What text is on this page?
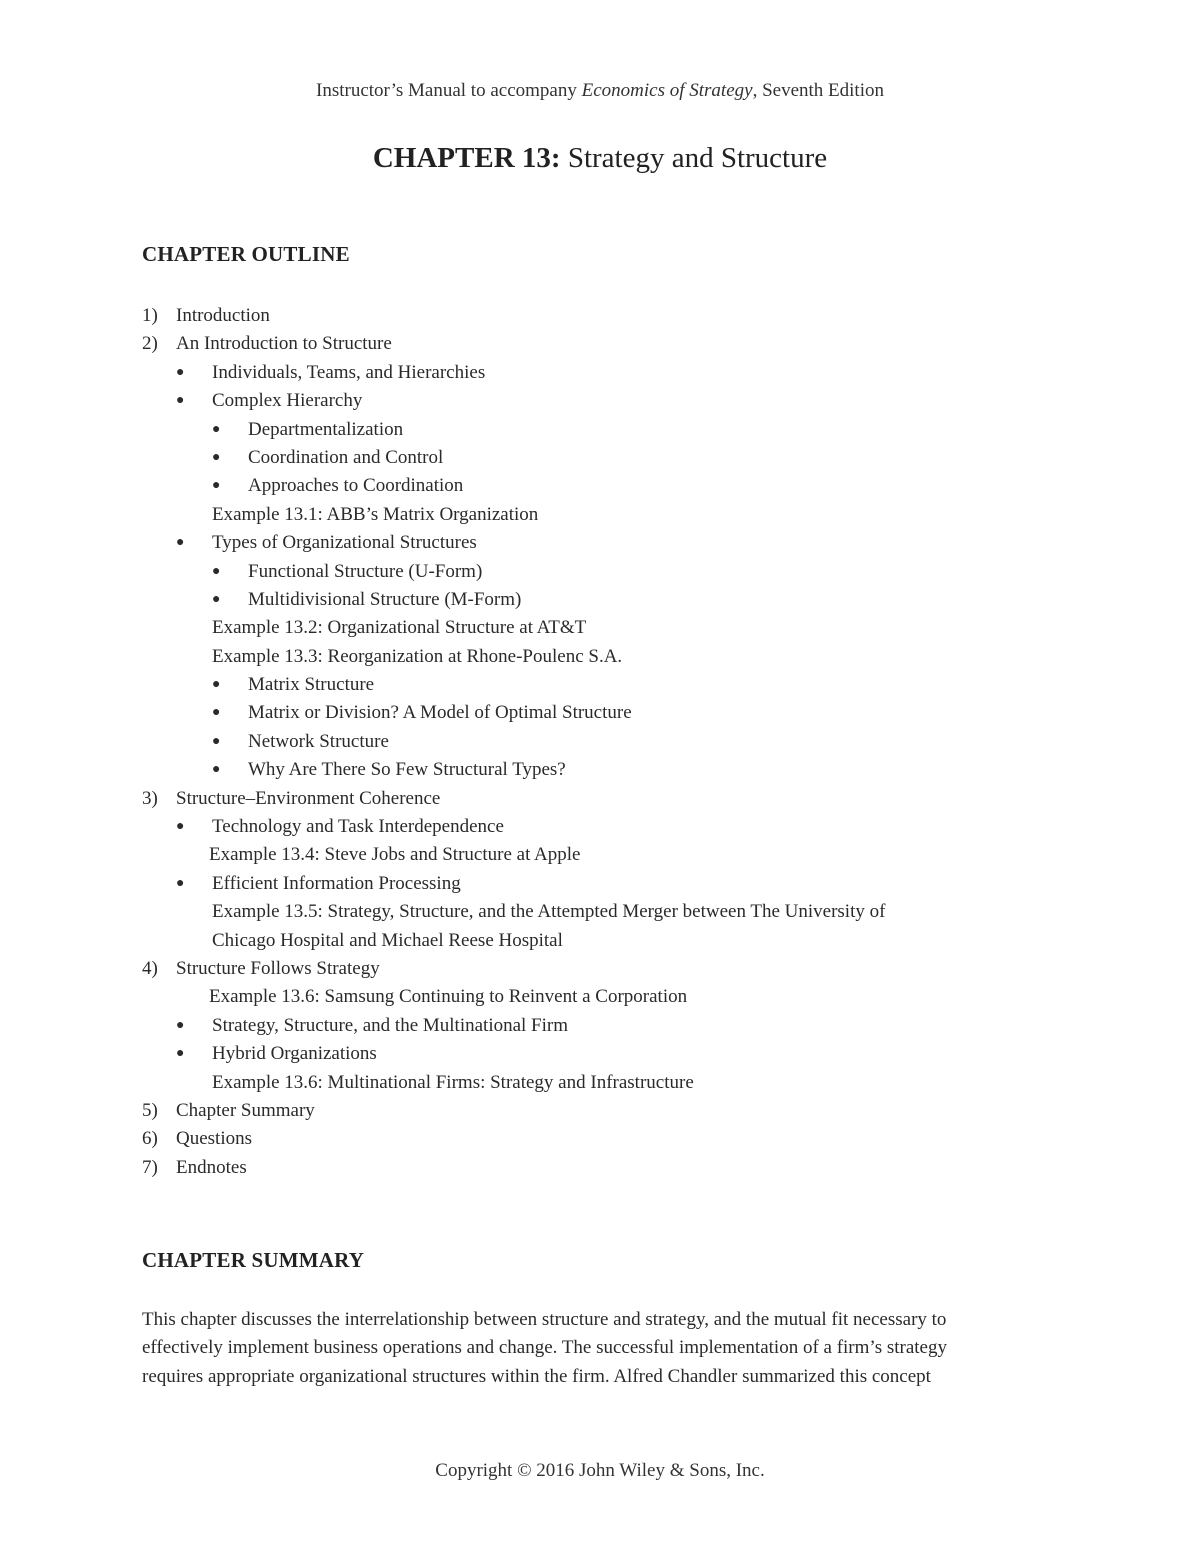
Instructor’s Manual to accompany Economics of Strategy, Seventh Edition
CHAPTER 13: Strategy and Structure
CHAPTER OUTLINE
1) Introduction
2) An Introduction to Structure
● Individuals, Teams, and Hierarchies
● Complex Hierarchy
● Departmentalization
● Coordination and Control
● Approaches to Coordination
Example 13.1: ABB’s Matrix Organization
● Types of Organizational Structures
● Functional Structure (U-Form)
● Multidivisional Structure (M-Form)
Example 13.2: Organizational Structure at AT&T
Example 13.3: Reorganization at Rhone-Poulenc S.A.
● Matrix Structure
● Matrix or Division? A Model of Optimal Structure
● Network Structure
● Why Are There So Few Structural Types?
3) Structure–Environment Coherence
● Technology and Task Interdependence
Example 13.4: Steve Jobs and Structure at Apple
● Efficient Information Processing
Example 13.5: Strategy, Structure, and the Attempted Merger between The University of
Chicago Hospital and Michael Reese Hospital
4) Structure Follows Strategy
Example 13.6: Samsung Continuing to Reinvent a Corporation
● Strategy, Structure, and the Multinational Firm
● Hybrid Organizations
Example 13.6: Multinational Firms: Strategy and Infrastructure
5) Chapter Summary
6) Questions
7) Endnotes
CHAPTER SUMMARY
This chapter discusses the interrelationship between structure and strategy, and the mutual fit necessary to
effectively implement business operations and change. The successful implementation of a firm’s strategy
requires appropriate organizational structures within the firm. Alfred Chandler summarized this concept
Copyright © 2016 John Wiley & Sons, Inc.
